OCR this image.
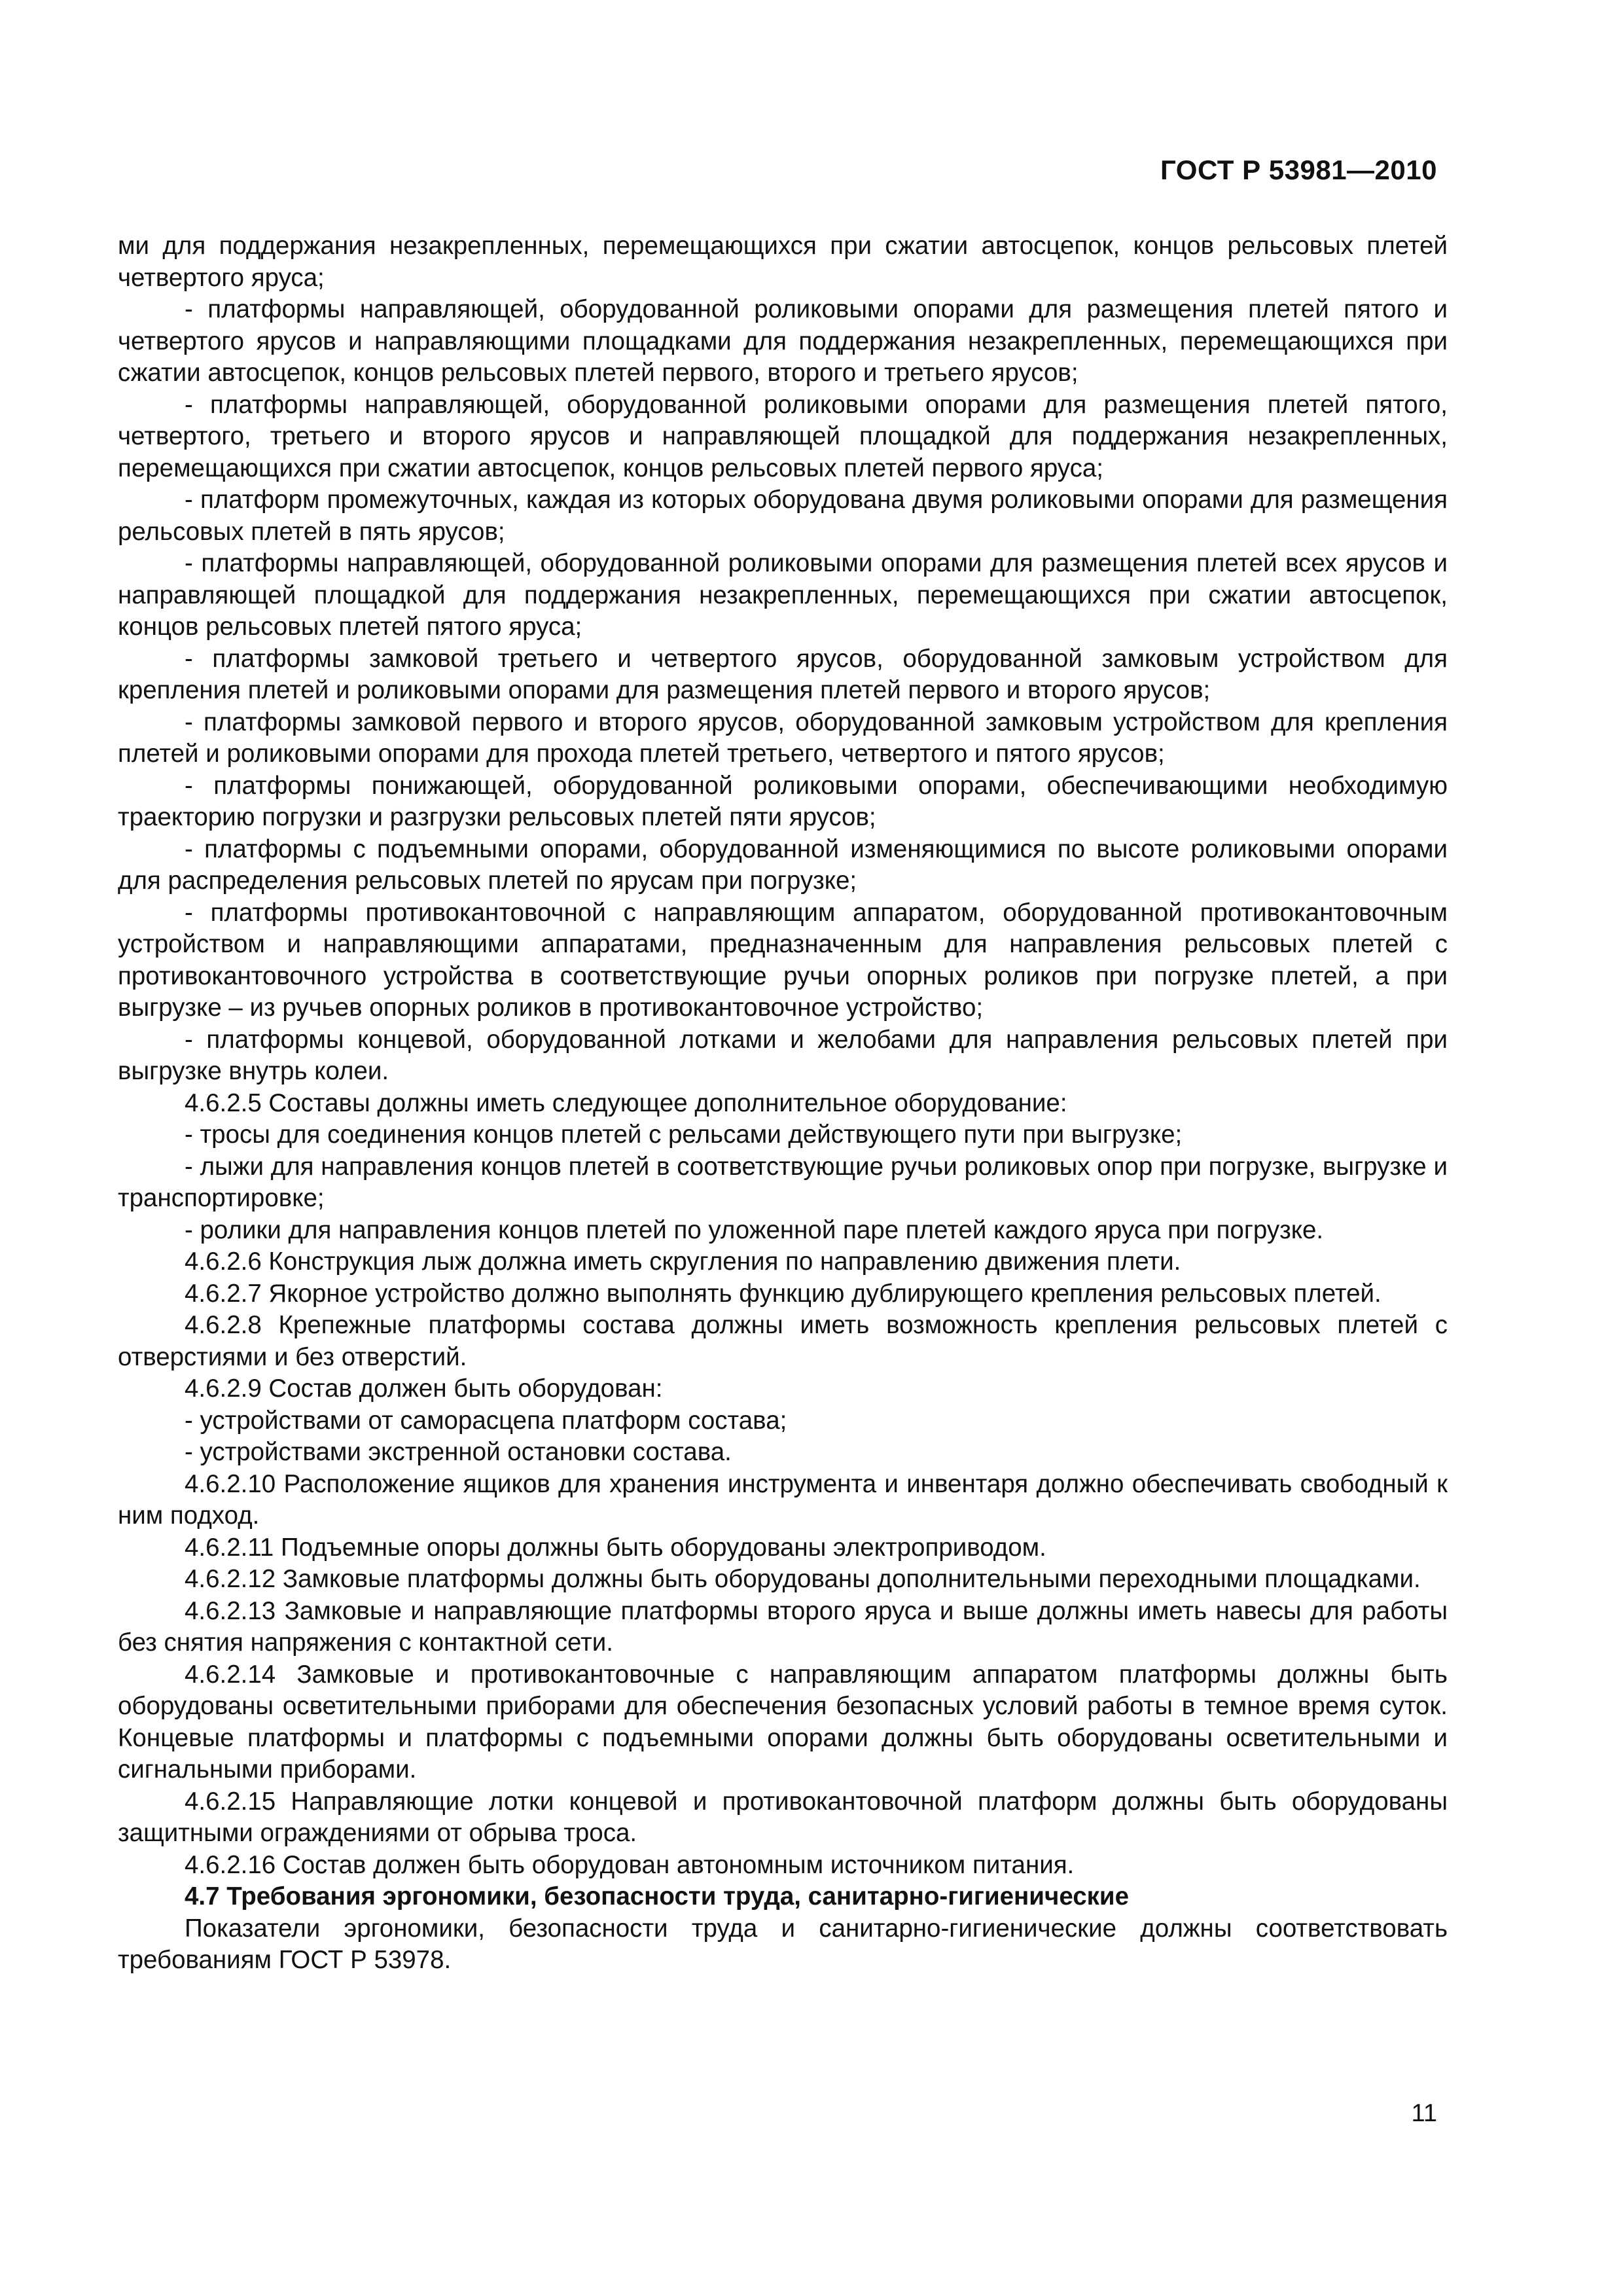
ГОСТ Р 53981—2010

ми для поддержания незакрепленных, перемещающихся при сжатии автосцепок, концов рельсовых плетей четвертого яруса;

- платформы направляющей, оборудованной роликовыми опорами для размещения плетей пятого и четвертого ярусов и направляющими площадками для поддержания незакрепленных, перемещающихся при сжатии автосцепок, концов рельсовых плетей первого, второго и третьего ярусов;

- платформы направляющей, оборудованной роликовыми опорами для размещения плетей пятого, четвертого, третьего и второго ярусов и направляющей площадкой для поддержания незакрепленных, перемещающихся при сжатии автосцепок, концов рельсовых плетей первого яруса;

- платформ промежуточных, каждая из которых оборудована двумя роликовыми опорами для размещения рельсовых плетей в пять ярусов;

- платформы направляющей, оборудованной роликовыми опорами для размещения плетей всех ярусов и направляющей площадкой для поддержания незакрепленных, перемещающихся при сжатии автосцепок, концов рельсовых плетей пятого яруса;

- платформы замковой третьего и четвертого ярусов, оборудованной замковым устройством для крепления плетей и роликовыми опорами для размещения плетей первого и второго ярусов;

- платформы замковой первого и второго ярусов, оборудованной замковым устройством для крепления плетей и роликовыми опорами для прохода плетей третьего, четвертого и пятого ярусов;

- платформы понижающей, оборудованной роликовыми опорами, обеспечивающими необходимую траекторию погрузки и разгрузки рельсовых плетей пяти ярусов;

- платформы с подъемными опорами, оборудованной изменяющимися по высоте роликовыми опорами для распределения рельсовых плетей по ярусам при погрузке;

- платформы противокантовочной с направляющим аппаратом, оборудованной противокантовочным устройством и направляющими аппаратами, предназначенным для направления рельсовых плетей с противокантовочного устройства в соответствующие ручьи опорных роликов при погрузке плетей, а при выгрузке – из ручьев опорных роликов в противокантовочное устройство;

- платформы концевой, оборудованной лотками и желобами для направления рельсовых плетей при выгрузке внутрь колеи.

4.6.2.5 Составы должны иметь следующее дополнительное оборудование:

- тросы для соединения концов плетей с рельсами действующего пути при выгрузке;

- лыжи для направления концов плетей в соответствующие ручьи роликовых опор при погрузке, выгрузке и транспортировке;

- ролики для направления концов плетей по уложенной паре плетей каждого яруса при погрузке.

4.6.2.6 Конструкция лыж должна иметь скругления по направлению движения плети.

4.6.2.7 Якорное устройство должно выполнять функцию дублирующего крепления рельсовых плетей.

4.6.2.8 Крепежные платформы состава должны иметь возможность крепления рельсовых плетей с отверстиями и без отверстий.

4.6.2.9 Состав должен быть оборудован:

- устройствами от саморасцепа платформ состава;

- устройствами экстренной остановки состава.

4.6.2.10 Расположение ящиков для хранения инструмента и инвентаря должно обеспечивать свободный к ним подход.

4.6.2.11 Подъемные опоры должны быть оборудованы электроприводом.

4.6.2.12 Замковые платформы должны быть оборудованы дополнительными переходными площадками.

4.6.2.13 Замковые и направляющие платформы второго яруса и выше должны иметь навесы для работы без снятия напряжения с контактной сети.

4.6.2.14 Замковые и противокантовочные с направляющим аппаратом платформы должны быть оборудованы осветительными приборами для обеспечения безопасных условий работы в темное время суток. Концевые платформы и платформы с подъемными опорами должны быть оборудованы осветительными и сигнальными приборами.

4.6.2.15 Направляющие лотки концевой и противокантовочной платформ должны быть оборудованы защитными ограждениями от обрыва троса.

4.6.2.16 Состав должен быть оборудован автономным источником питания.

4.7 Требования эргономики, безопасности труда, санитарно-гигиенические

Показатели эргономики, безопасности труда и санитарно-гигиенические должны соответствовать требованиям ГОСТ Р 53978.

11
